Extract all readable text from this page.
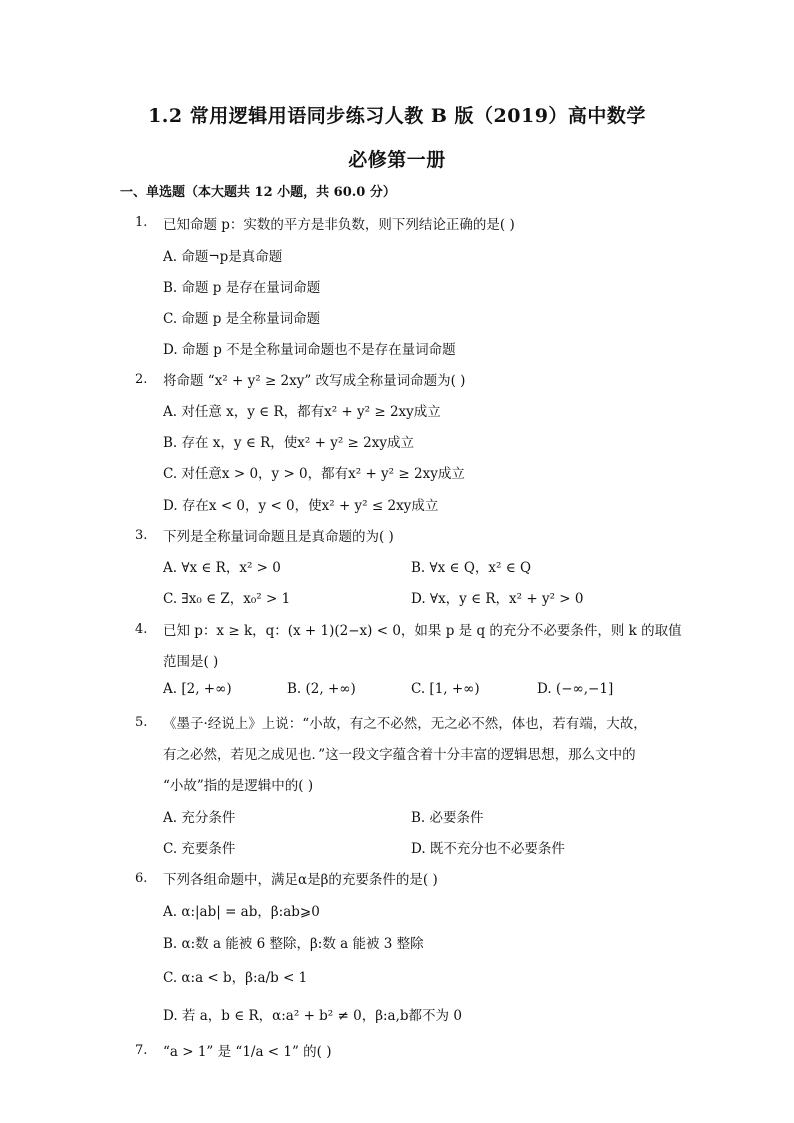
1.2 常用逻辑用语同步练习人教 B 版（2019）高中数学
必修第一册
一、单选题（本大题共 12 小题，共 60.0 分）
1. 已知命题 p：实数的平方是非负数，则下列结论正确的是( )
A. 命题¬p是真命题
B. 命题 p 是存在量词命题
C. 命题 p 是全称量词命题
D. 命题 p 不是全称量词命题也不是存在量词命题
2. 将命题 “x² + y² ≥ 2xy” 改写成全称量词命题为( )
A. 对任意 x，y ∈ R，都有x² + y² ≥ 2xy成立
B. 存在 x，y ∈ R，使x² + y² ≥ 2xy成立
C. 对任意x > 0，y > 0，都有x² + y² ≥ 2xy成立
D. 存在x < 0，y < 0，使x² + y² ≤ 2xy成立
3. 下列是全称量词命题且是真命题的为( )
A. ∀x ∈ R，x² > 0	B. ∀x ∈ Q，x² ∈ Q
C. ∃x₀ ∈ Z，x₀² > 1	D. ∀x，y ∈ R，x² + y² > 0
4. 已知 p：x ≥ k，q：(x + 1)(2−x) < 0，如果 p 是 q 的充分不必要条件，则 k 的取值
范围是( )
A. [2, +∞)	B. (2, +∞)	C. [1, +∞)	D. (−∞,−1]
5. 《墨子·经说上》上说：“小故，有之不必然，无之必不然，体也，若有端，大故，
有之必然，若见之成见也．”这一段文字蕴含着十分丰富的逻辑思想，那么文中的
“小故”指的是逻辑中的( )
A. 充分条件	B. 必要条件
C. 充要条件	D. 既不充分也不必要条件
6. 下列各组命题中，满足α是β的充要条件的是( )
A. α:|ab| = ab，β:ab⩾0
B. α:数 a 能被 6 整除，β:数 a 能被 3 整除
C. α:a < b，β:a/b < 1
D. 若 a，b ∈ R，α:a² + b² ≠ 0，β:a,b都不为 0
7. “a > 1” 是 “1/a < 1” 的( )
